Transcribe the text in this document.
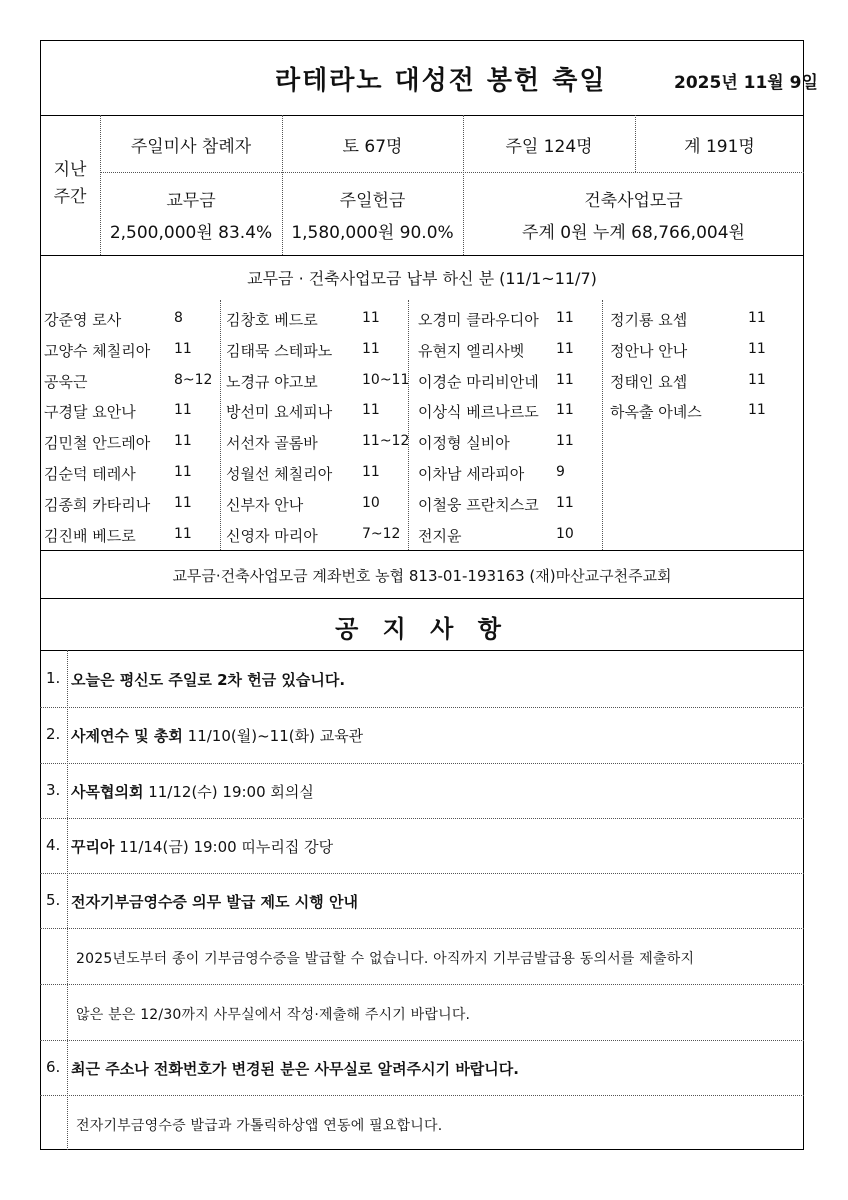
라테라노 대성전 봉헌 축일	2025년 11월 9일
지난
주간
주일미사 참례자	토 67명	주일 124명	계 191명
교무금
2,500,000원 83.4%
주일헌금
1,580,000원 90.0%
건축사업모금
주계 0원 누계 68,766,004원
교무금 · 건축사업모금 납부 하신 분 (11/1~11/7)
강준영 로사	8
고양수 체칠리아 11
공욱근	8~12
구경달 요안나	11
김민철 안드레아 11
김순덕 테레사	11
김종희 카타리나 11
김진배 베드로	11
김창호 베드로	11
김태묵 스테파노 11
노경규 야고보	10~11
방선미 요세피나 11
서선자 골롬바	11~12
성월선 체칠리아 11
신부자 안나	10
신영자 마리아	7~12
오경미 클라우디아 11
유현지 엘리사벳 11
이경순 마리비안네 11
이상식 베르나르도 11
이정형 실비아	11
이차남 세라피아 9
이철웅 프란치스코 11
전지윤	10
정기룡 요셉	11
정안나 안나	11
정태인 요셉	11
하옥출 아녜스	11
교무금·건축사업모금 계좌번호 농협 813-01-193163 (재)마산교구천주교회
공 지 사 항
1. 오늘은 평신도 주일로 2차 헌금 있습니다.
2. 사제연수 및 총회 11/10(월)~11(화) 교육관
3. 사목협의회 11/12(수) 19:00 회의실
4. 꾸리아 11/14(금) 19:00 띠누리집 강당
5. 전자기부금영수증 의무 발급 제도 시행 안내
2025년도부터 종이 기부금영수증을 발급할 수 없습니다. 아직까지 기부금발급용 동의서를 제출하지
않은 분은 12/30까지 사무실에서 작성·제출해 주시기 바랍니다.
6. 최근 주소나 전화번호가 변경된 분은 사무실로 알려주시기 바랍니다.
전자기부금영수증 발급과 가톨릭하상앱 연동에 필요합니다.
